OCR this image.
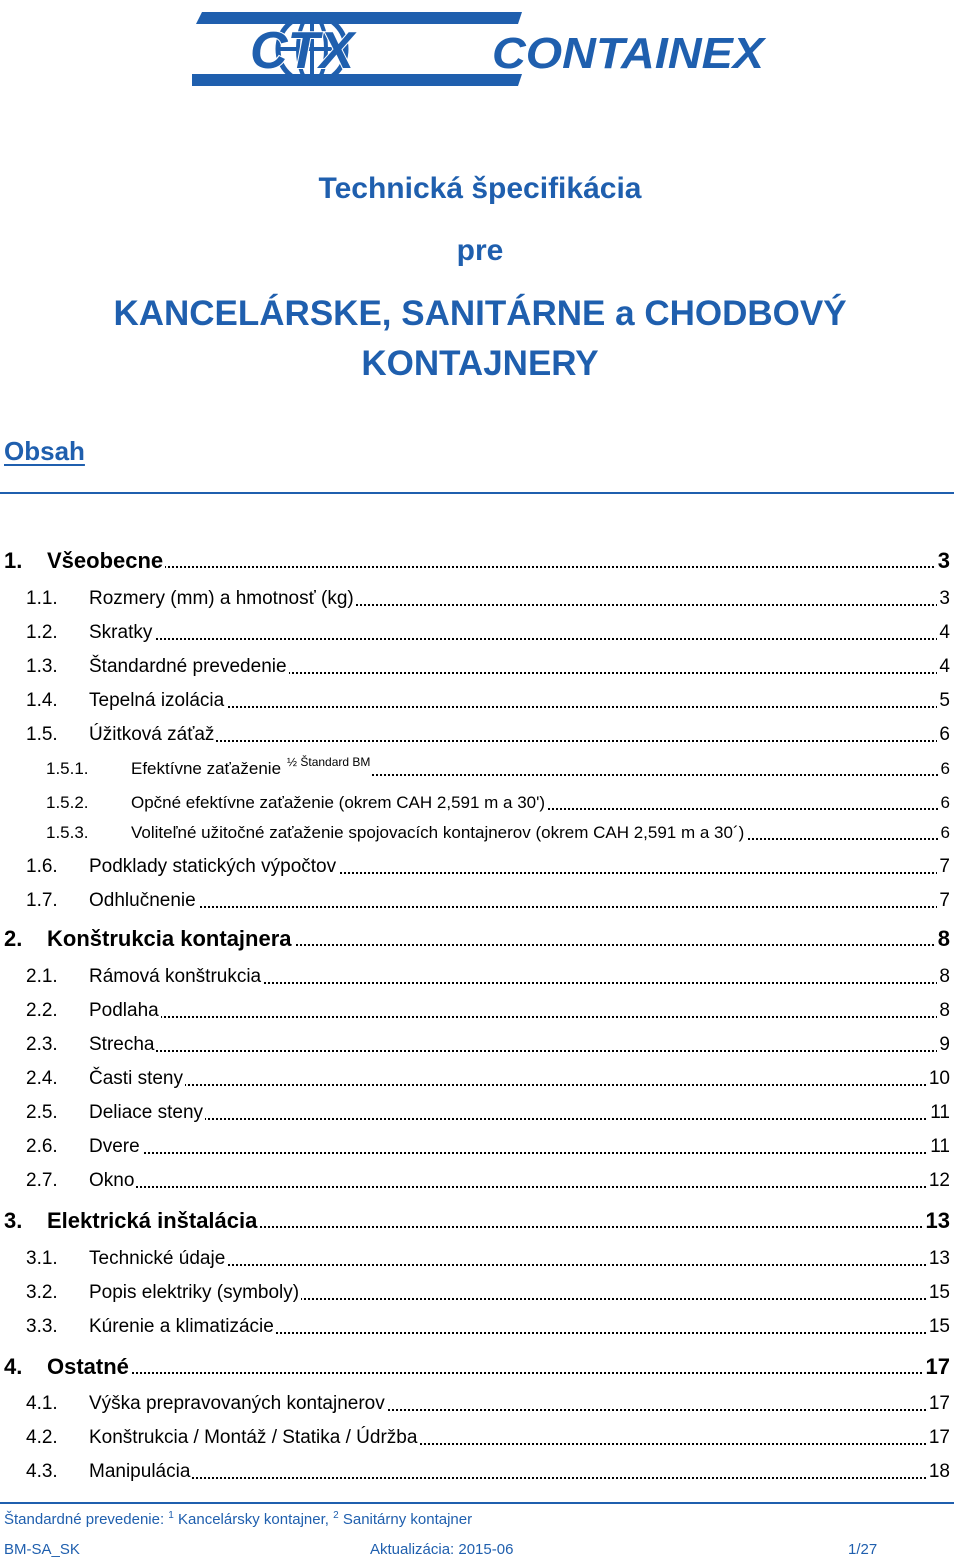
CTX	CONTAINEX
Technická špecifikácia
pre
KANCELÁRSKE, SANITÁRNE a CHODBOVÝ
KONTAJNERY
Obsah
1. Všeobecne	3
1.1. Rozmery (mm) a hmotnosť (kg)	3
1.2. Skratky	4
1.3. Štandardné prevedenie	4
1.4. Tepelná izolácia	5
1.5. Úžitková záťaž	6
1.5.1. Efektívne zaťaženie $^{\frac{1}{2} Štandard BM}$	6
1.5.2. Opčné efektívne zaťaženie (okrem CAH 2,591 m a 30')	6
1.5.3. Voliteľné užitočné zaťaženie spojovacích kontajnerov (okrem CAH 2,591 m a 30´)	6
1.6. Podklady statických výpočtov	7
1.7. Odhlučnenie	7
2. Konštrukcia kontajnera	8
2.1. Rámová konštrukcia	8
2.2. Podlaha	8
2.3. Strecha	9
2.4. Časti steny	10
2.5. Deliace steny	11
2.6. Dvere	11
2.7. Okno	12
3. Elektrická inštalácia	13
3.1. Technické údaje	13
3.2. Popis elektriky (symboly)	15
3.3. Kúrenie a klimatizácie	15
4. Ostatné	17
4.1. Výška prepravovaných kontajnerov	17
4.2. Konštrukcia / Montáž / Statika / Údržba	17
4.3. Manipulácia	18
Štandardné prevedenie: $^1$ Kancelársky kontajner, $^2$ Sanitárny kontajner
BM-SA_SK	Aktualizácia: 2015-06	1/27
